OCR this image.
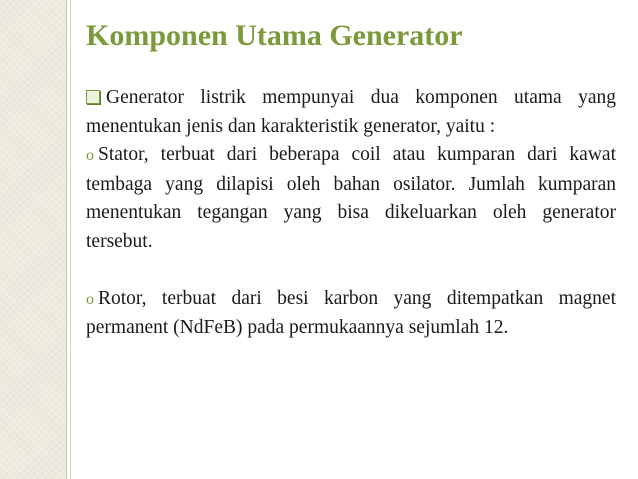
Komponen Utama Generator

Generator listrik mempunyai dua komponen utama yang menentukan jenis dan karakteristik generator, yaitu :

o Stator, terbuat dari beberapa coil atau kumparan dari kawat tembaga yang dilapisi oleh bahan osilator. Jumlah kumparan menentukan tegangan yang bisa dikeluarkan oleh generator tersebut.

o Rotor, terbuat dari besi karbon yang ditempatkan magnet permanent (NdFeB) pada permukaannya sejumlah 12.
